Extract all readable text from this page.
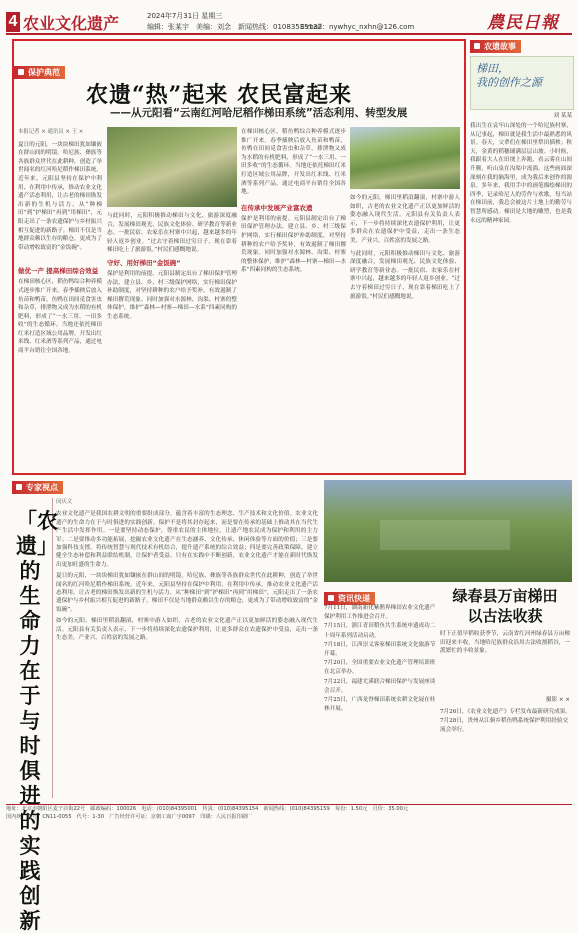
4 农业文化遗产	2024年7月31日 星期三
编辑：张某宇　美编：刘念　新闻热线：01083535132
E-mail：nywhyc_nxhn@126.com	農民日報
保护典范
农遗“热”起来 农民富起来
——从元阳看“云南红河哈尼稻作梯田系统”活态利用、转型发展
本报记者 × 通讯员 × 王 ×
夏日的元阳，一块块梯田犹如镶嵌在群山间的明镜。哈尼族、彝族等各族群众世代在此耕种，创造了举世闻名的红河哈尼稻作梯田系统。近年来，元阳县坚持在保护中利用、在利用中传承，推动农业文化遗产活态利用，让古老的梯田焕发出新的生机与活力。从“种梯田”到“护梯田”再到“用梯田”，元阳走出了一条农遗保护与乡村振兴相互促进的新路子。梯田不仅是当地群众赖以生存的粮仓，更成为了带动增收致富的“金饭碗”。
做优一产 提高梯田综合效益
在梯田核心区，稻鱼鸭综合种养模式逐步推广开来。春季插秧后放入鱼苗和鸭苗，鱼鸭在田间觅食害虫和杂草，排泄物又成为水稻的有机肥料，形成了“一水三用、一田多收”的生态循环。当地还依托梯田红米打造区域公用品牌，开发出红米线、红米酒等系列产品，通过电商平台销往全国各地。
与此同时，元阳积极推动梯田与文化、旅游深度融合，发展梯田观光、民族文化体验、研学教育等新业态。一批民宿、农家乐在村寨中兴起，越来越多的年轻人返乡创业。“过去守着梯田过穷日子，现在靠着梯田吃上了旅游饭。”村民们感慨地说。
守好、用好梯田“金饭碗”
保护是利用的前提。元阳县制定出台了梯田保护管理办法，建立县、乡、村三级保护网络，实行梯田保护补助制度，对坚持耕种的农户给予奖补，有效遏制了梯田撂荒现象。同时加强对水源林、沟渠、村寨的整体保护，维护“森林—村寨—梯田—水系”四素同构的生态系统。
在梯田核心区，稻鱼鸭综合种养模式逐步推广开来。春季插秧后放入鱼苗和鸭苗，鱼鸭在田间觅食害虫和杂草，排泄物又成为水稻的有机肥料，形成了“一水三用、一田多收”的生态循环。当地还依托梯田红米打造区域公用品牌，开发出红米线、红米酒等系列产品，通过电商平台销往全国各地。
在传承中发展产业富农遗
保护是利用的前提。元阳县制定出台了梯田保护管理办法，建立县、乡、村三级保护网络，实行梯田保护补助制度，对坚持耕种的农户给予奖补，有效遏制了梯田撂荒现象。同时加强对水源林、沟渠、村寨的整体保护，维护“森林—村寨—梯田—水系”四素同构的生态系统。
如今的元阳，梯田里稻浪翻滚，村寨中游人如织，古老的农业文化遗产正以更加鲜活的姿态融入现代生活。元阳县有关负责人表示，下一步将持续深化农遗保护利用，让更多群众在农遗保护中受益，走出一条生态美、产业兴、百姓富的发展之路。
与此同时，元阳积极推动梯田与文化、旅游深度融合，发展梯田观光、民族文化体验、研学教育等新业态。一批民宿、农家乐在村寨中兴起，越来越多的年轻人返乡创业。“过去守着梯田过穷日子，现在靠着梯田吃上了旅游饭。”村民们感慨地说。
农遗故事
梯田，
我的创作之源
刘 某某
我出生在哀牢山深处的一个哈尼族村寨，从记事起，梯田就是我生活中最熟悉的风景。春天，父辈们在梯田里犁田插秧；秋天，金黄的稻穗铺满层层山坡。小时候，我跟着大人在田埂上奔跑，看云雾在山间升腾，听山泉在沟渠中流淌。这些画面深深刻在我的脑海里，成为我后来创作的源泉。多年来，我用手中的画笔描绘梯田的四季，记录哈尼人的劳作与欢歌。每当站在梯田前，我总会被这片土地上的勤劳与智慧所感动。梯田是大地的雕塑，也是我永远的精神家园。
专家视点
「农遗」的生命力在于与时俱进的实践创新
闵庆文
农业文化遗产是我国农耕文明的重要组成部分，蕴含着丰富的生态理念、生产技术和文化价值。农业文化遗产的生命力在于与时俱进的实践创新。保护不是将其封存起来，而是要在传承的基础上推动其在当代生产生活中发挥作用。一是要坚持动态保护，尊重农民的主体地位，让遗产地农民成为保护和利用的主力军；二是要推动多功能拓展，挖掘农业文化遗产在生态涵养、文化传承、休闲体验等方面的价值；三是要加强科技支撑，将传统智慧与现代技术有机结合，提升遗产系统的综合效益；四是要完善政策保障，建立健全生态补偿和利益联结机制，让保护者受益。只有在实践中不断创新，农业文化遗产才能在新时代焕发出更加旺盛的生命力。
夏日的元阳，一块块梯田犹如镶嵌在群山间的明镜。哈尼族、彝族等各族群众世代在此耕种，创造了举世闻名的红河哈尼稻作梯田系统。近年来，元阳县坚持在保护中利用、在利用中传承，推动农业文化遗产活态利用，让古老的梯田焕发出新的生机与活力。从“种梯田”到“护梯田”再到“用梯田”，元阳走出了一条农遗保护与乡村振兴相互促进的新路子。梯田不仅是当地群众赖以生存的粮仓，更成为了带动增收致富的“金饭碗”。
如今的元阳，梯田里稻浪翻滚，村寨中游人如织，古老的农业文化遗产正以更加鲜活的姿态融入现代生活。元阳县有关负责人表示，下一步将持续深化农遗保护利用，让更多群众在农遗保护中受益，走出一条生态美、产业兴、百姓富的发展之路。
绿春县万亩梯田
以古法收获
时下正值早稻收获季节，云南省红河州绿春县万亩梯田迎来丰收。当地哈尼族群众沿用古法收割稻谷，一派繁忙的丰收景象。
摄影 × ×
资讯快递
7月11日，湖南新化紫鹊界梯田农业文化遗产保护利用工作推进会召开。
7月15日，浙江青田稻鱼共生系统申遗成功二十周年系列活动启动。
7月18日，江西崇义客家梯田系统文化旅游节开幕。
7月20日，全国重要农业文化遗产管理培训班在北京举办。
7月22日，福建尤溪联合梯田保护与发展座谈会召开。
7月25日，广西龙脊梯田系统农耕文化展在桂林开展。	7月26日，《农业文化遗产》专栏发布最新研究成果。
7月28日，贵州从江侗乡稻鱼鸭系统保护利用经验交流会举行。
地址：北京市朝阳区麦子店街22号　邮政编码：100026　电话：(010)84395001　传真：(010)84395154　新闻热线：(010)84395159　每份：1.50元　月价：35.00元
国内统一刊号：CN11-0055　代号：1-30　广告经营许可证：京朝工商广字0097　印刷：人民日报印刷厂
